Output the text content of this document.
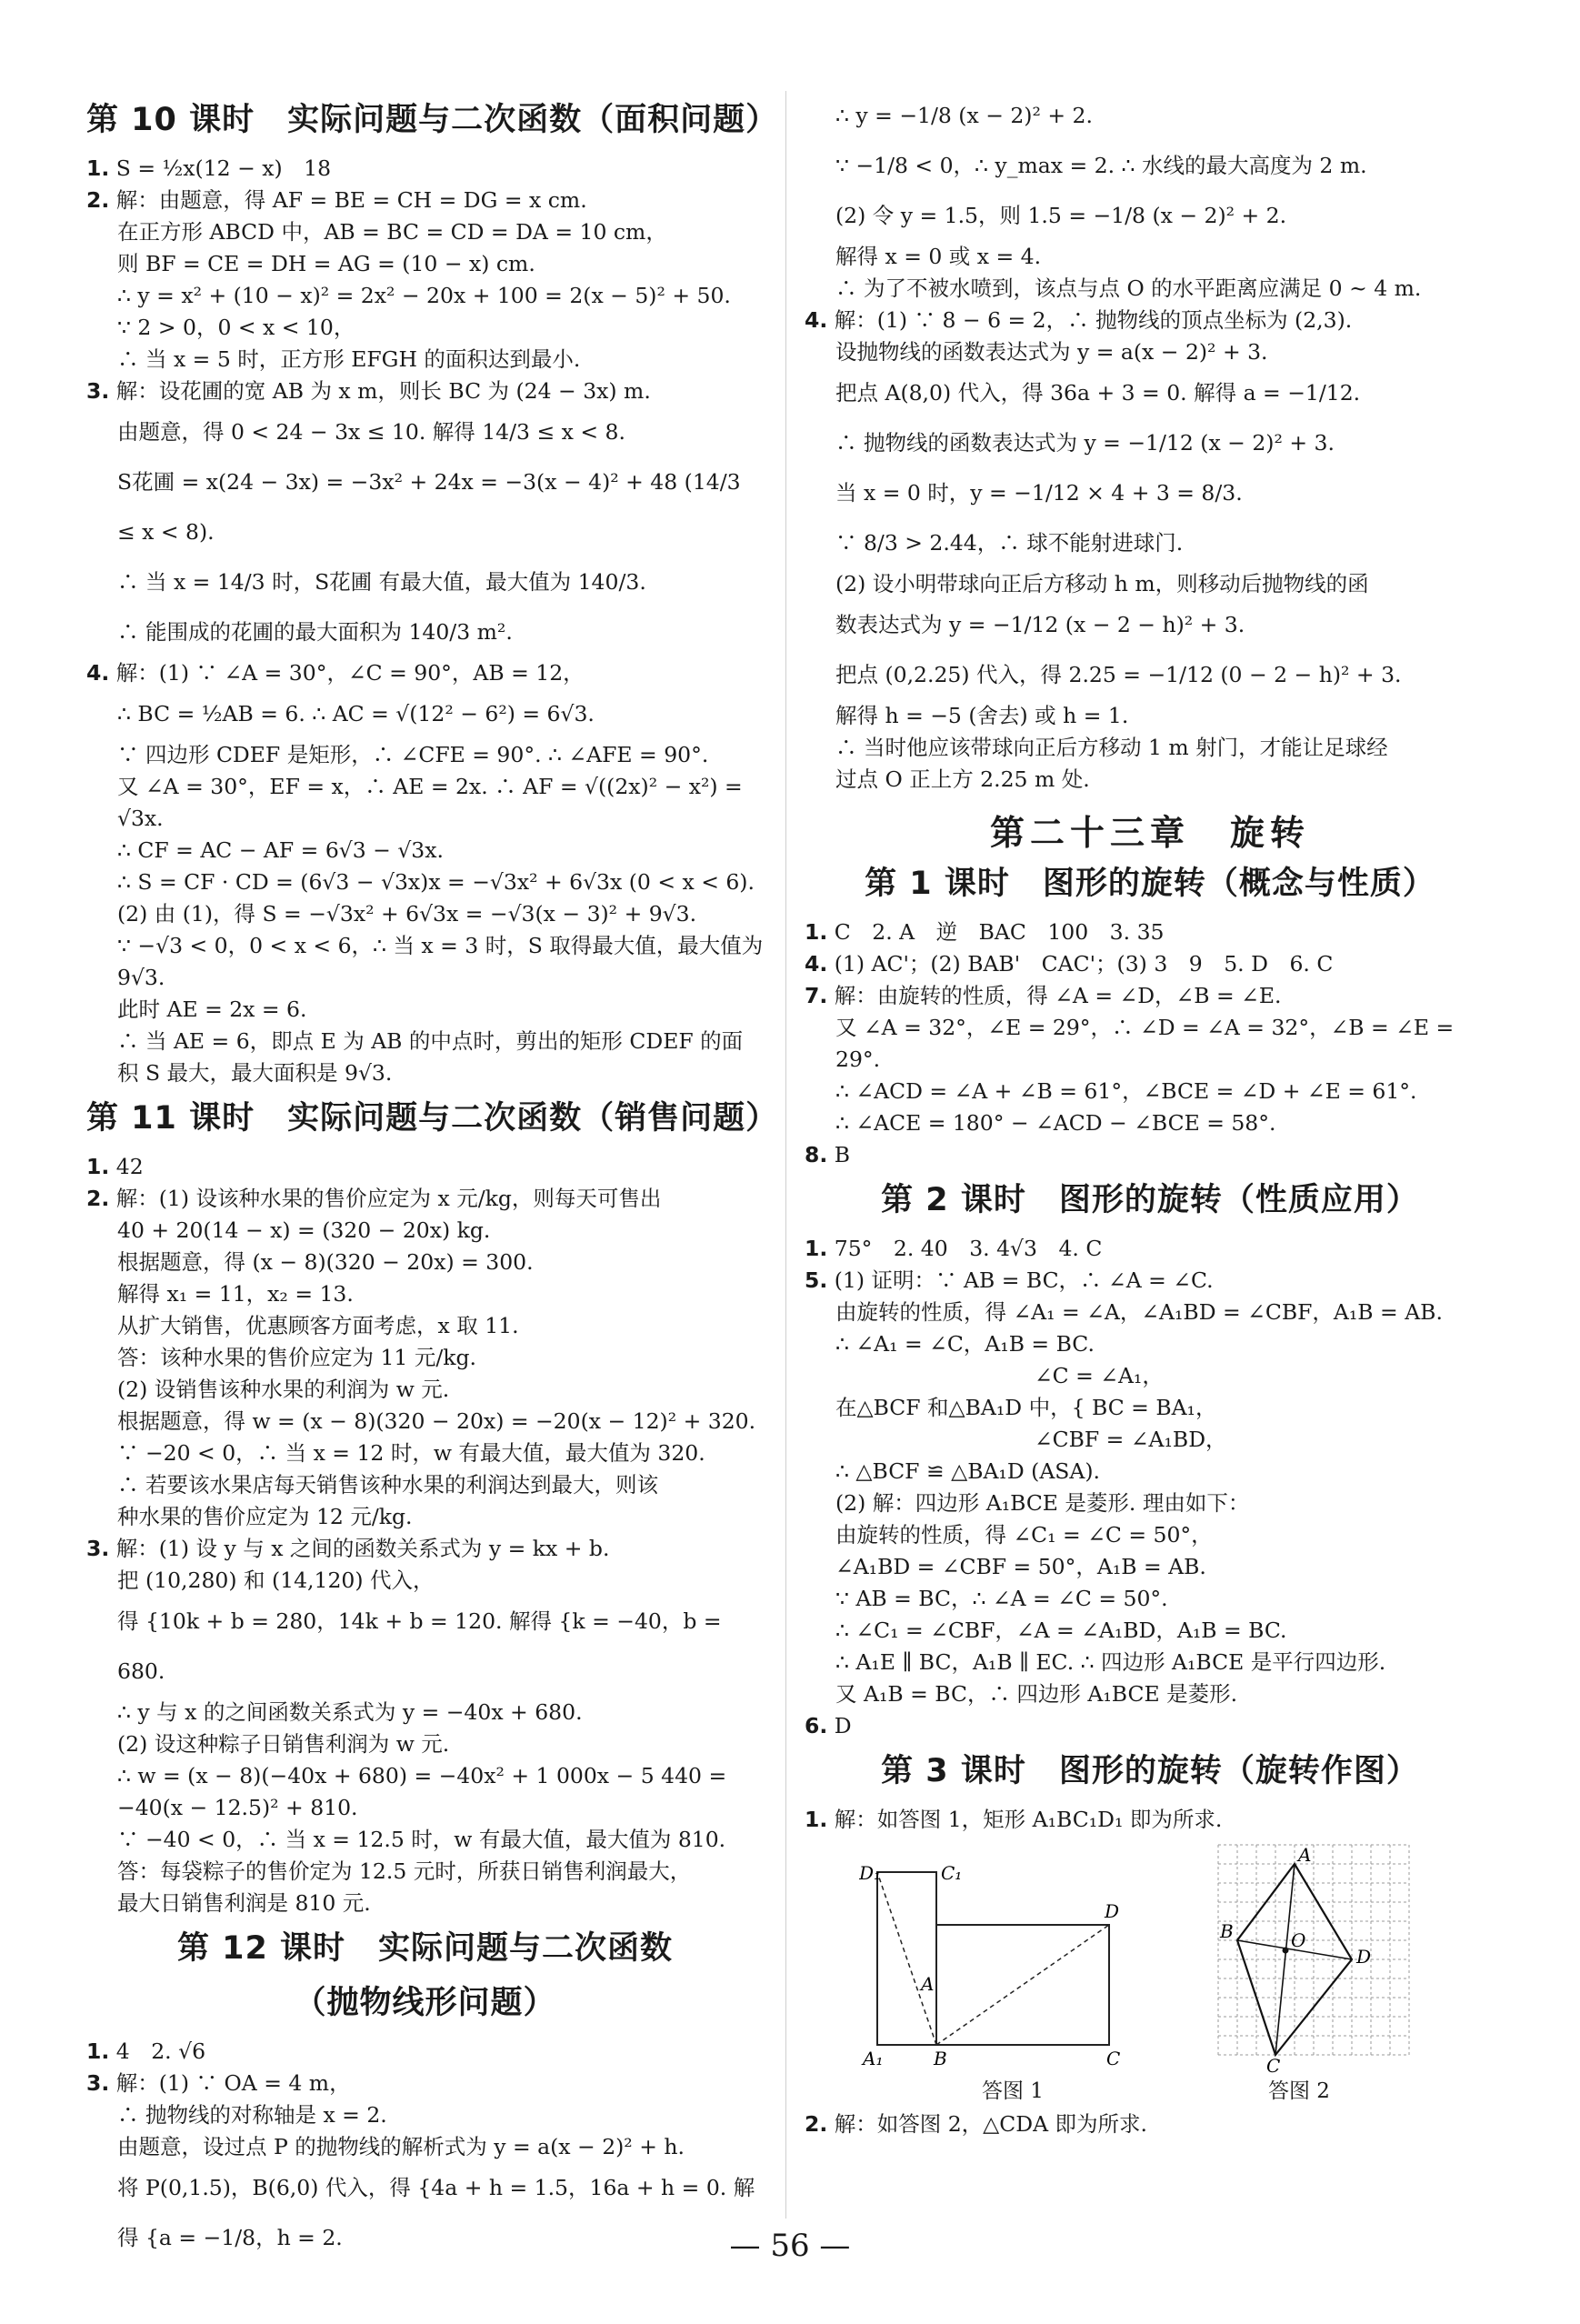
第 10 课时　实际问题与二次函数（面积问题）
1. S = ½x(12 − x)　18
2. 解：由题意，得 AF = BE = CH = DG = x cm.
在正方形 ABCD 中，AB = BC = CD = DA = 10 cm，
则 BF = CE = DH = AG = (10 − x) cm.
∴ y = x² + (10 − x)² = 2x² − 20x + 100 = 2(x − 5)² + 50.
∵ 2 > 0，0 < x < 10，
∴ 当 x = 5 时，正方形 EFGH 的面积达到最小.
3. 解：设花圃的宽 AB 为 x m，则长 BC 为 (24 − 3x) m.
由题意，得 0 < 24 − 3x ≤ 10. 解得 14/3 ≤ x < 8.
S花圃 = x(24 − 3x) = −3x² + 24x = −3(x − 4)² + 48 (14/3 ≤ x < 8).
∴ 当 x = 14/3 时，S花圃 有最大值，最大值为 140/3.
∴ 能围成的花圃的最大面积为 140/3 m².
4. 解：(1) ∵ ∠A = 30°，∠C = 90°，AB = 12，
∴ BC = ½AB = 6. ∴ AC = √(12² − 6²) = 6√3.
∵ 四边形 CDEF 是矩形，∴ ∠CFE = 90°. ∴ ∠AFE = 90°.
又 ∠A = 30°，EF = x，∴ AE = 2x. ∴ AF = √((2x)² − x²) = √3x.
∴ CF = AC − AF = 6√3 − √3x.
∴ S = CF · CD = (6√3 − √3x)x = −√3x² + 6√3x (0 < x < 6).
(2) 由 (1)，得 S = −√3x² + 6√3x = −√3(x − 3)² + 9√3.
∵ −√3 < 0，0 < x < 6，∴ 当 x = 3 时，S 取得最大值，最大值为 9√3.
此时 AE = 2x = 6.
∴ 当 AE = 6，即点 E 为 AB 的中点时，剪出的矩形 CDEF 的面
积 S 最大，最大面积是 9√3.
第 11 课时　实际问题与二次函数（销售问题）
1. 42
2. 解：(1) 设该种水果的售价应定为 x 元/kg，则每天可售出
40 + 20(14 − x) = (320 − 20x) kg.
根据题意，得 (x − 8)(320 − 20x) = 300.
解得 x₁ = 11，x₂ = 13.
从扩大销售，优惠顾客方面考虑，x 取 11.
答：该种水果的售价应定为 11 元/kg.
(2) 设销售该种水果的利润为 w 元.
根据题意，得 w = (x − 8)(320 − 20x) = −20(x − 12)² + 320.
∵ −20 < 0，∴ 当 x = 12 时，w 有最大值，最大值为 320.
∴ 若要该水果店每天销售该种水果的利润达到最大，则该
种水果的售价应定为 12 元/kg.
3. 解：(1) 设 y 与 x 之间的函数关系式为 y = kx + b.
把 (10,280) 和 (14,120) 代入，
得 {10k + b = 280，14k + b = 120. 解得 {k = −40，b = 680.
∴ y 与 x 的之间函数关系式为 y = −40x + 680.
(2) 设这种粽子日销售利润为 w 元.
∴ w = (x − 8)(−40x + 680) = −40x² + 1 000x − 5 440 =
−40(x − 12.5)² + 810.
∵ −40 < 0，∴ 当 x = 12.5 时，w 有最大值，最大值为 810.
答：每袋粽子的售价定为 12.5 元时，所获日销售利润最大，
最大日销售利润是 810 元.
第 12 课时　实际问题与二次函数
（抛物线形问题）
1. 4　2. √6
3. 解：(1) ∵ OA = 4 m，
∴ 抛物线的对称轴是 x = 2.
由题意，设过点 P 的抛物线的解析式为 y = a(x − 2)² + h.
将 P(0,1.5)，B(6,0) 代入，得 {4a + h = 1.5，16a + h = 0. 解得 {a = −1/8，h = 2.
∴ y = −1/8 (x − 2)² + 2.
∵ −1/8 < 0，∴ y_max = 2. ∴ 水线的最大高度为 2 m.
(2) 令 y = 1.5，则 1.5 = −1/8 (x − 2)² + 2.
解得 x = 0 或 x = 4.
∴ 为了不被水喷到，该点与点 O 的水平距离应满足 0 ~ 4 m.
4. 解：(1) ∵ 8 − 6 = 2，∴ 抛物线的顶点坐标为 (2,3).
设抛物线的函数表达式为 y = a(x − 2)² + 3.
把点 A(8,0) 代入，得 36a + 3 = 0. 解得 a = −1/12.
∴ 抛物线的函数表达式为 y = −1/12 (x − 2)² + 3.
当 x = 0 时，y = −1/12 × 4 + 3 = 8/3.
∵ 8/3 > 2.44，∴ 球不能射进球门.
(2) 设小明带球向正后方移动 h m，则移动后抛物线的函
数表达式为 y = −1/12 (x − 2 − h)² + 3.
把点 (0,2.25) 代入，得 2.25 = −1/12 (0 − 2 − h)² + 3.
解得 h = −5 (舍去) 或 h = 1.
∴ 当时他应该带球向正后方移动 1 m 射门，才能让足球经
过点 O 正上方 2.25 m 处.
第二十三章　旋转
第 1 课时　图形的旋转（概念与性质）
1. C　2. A　逆　BAC　100　3. 35
4. (1) AC'；(2) BAB'　CAC'；(3) 3　9　5. D　6. C
7. 解：由旋转的性质，得 ∠A = ∠D，∠B = ∠E.
又 ∠A = 32°，∠E = 29°，∴ ∠D = ∠A = 32°，∠B = ∠E = 29°.
∴ ∠ACD = ∠A + ∠B = 61°，∠BCE = ∠D + ∠E = 61°.
∴ ∠ACE = 180° − ∠ACD − ∠BCE = 58°.
8. B
第 2 课时　图形的旋转（性质应用）
1. 75°　2. 40　3. 4√3　4. C
5. (1) 证明：∵ AB = BC，∴ ∠A = ∠C.
由旋转的性质，得 ∠A₁ = ∠A，∠A₁BD = ∠CBF，A₁B = AB.
∴ ∠A₁ = ∠C，A₁B = BC.
　　　　　　　　　 ∠C = ∠A₁，
在△BCF 和△BA₁D 中，{ BC = BA₁，
　　　　　　　　　 ∠CBF = ∠A₁BD，
∴ △BCF ≌ △BA₁D (ASA).
(2) 解：四边形 A₁BCE 是菱形. 理由如下：
由旋转的性质，得 ∠C₁ = ∠C = 50°，
∠A₁BD = ∠CBF = 50°，A₁B = AB.
∵ AB = BC，∴ ∠A = ∠C = 50°.
∴ ∠C₁ = ∠CBF，∠A = ∠A₁BD，A₁B = BC.
∴ A₁E ∥ BC，A₁B ∥ EC. ∴ 四边形 A₁BCE 是平行四边形.
又 A₁B = BC，∴ 四边形 A₁BCE 是菱形.
6. D
第 3 课时　图形的旋转（旋转作图）
1. 解：如答图 1，矩形 A₁BC₁D₁ 即为所求.
D₁	C₁
A
D
A₁	B	C
答图 1
A
B	O
D
C
答图 2
2. 解：如答图 2，△CDA 即为所求.
— 56 —
